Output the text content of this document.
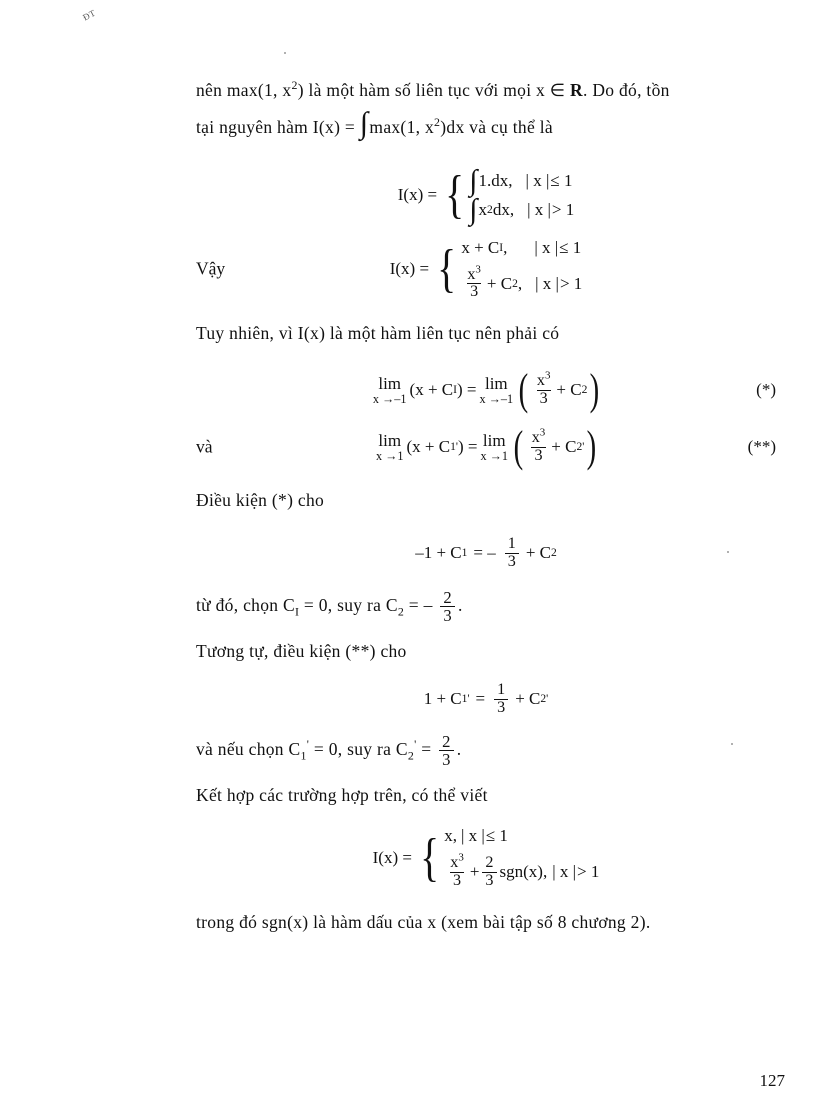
ĐT

nên max(1, $x^2$) là một hàm số liên tục với mọi x ∈ R. Do đó, tồn

tại nguyên hàm I(x) = ∫max(1, $x^2)dx$ và cụ thể là

I(x) = { ∫ 1.dx, | x | ≤ 1
∫ x 2 dx, | x | > 1
Vậy	I(x) = { x + C I , | x | ≤ 1
$\frac{x^3}{3} + C$ 2 , | x | > 1

Tuy nhiên, vì I(x) là một hàm liên tục nên phải có

lim
x →–1 (x + C I ) = lim
x →–1 ( $\frac{x^3}{3} + C$ 2 )	(*)
và	lim
x →1 (x + C 1 ' ) = lim
x →1 ( $\frac{x^3}{3} + C$ 2 ' )	(**)

Điều kiện (*) cho

–1 + C 1 = – $\frac{1}{3} + C$ 2

từ đó, chọn $C_I = 0$, suy ra $C_2$ = – $\frac{2}{3}$ .

Tương tự, điều kiện (**) cho

1 + C 1 ' = $\frac{1}{3} + C$ 2 '

và nếu chọn $C_1' = 0$, suy ra $C_2' = \frac{2}{3}$ .

Kết hợp các trường hợp trên, có thể viết

I(x) = { x, | x | ≤ 1
$\frac{x^3}{3} + \frac{2}{3} sgn(x)$, | x | > 1

trong đó sgn(x) là hàm dấu của x (xem bài tập số 8 chương 2).

127
